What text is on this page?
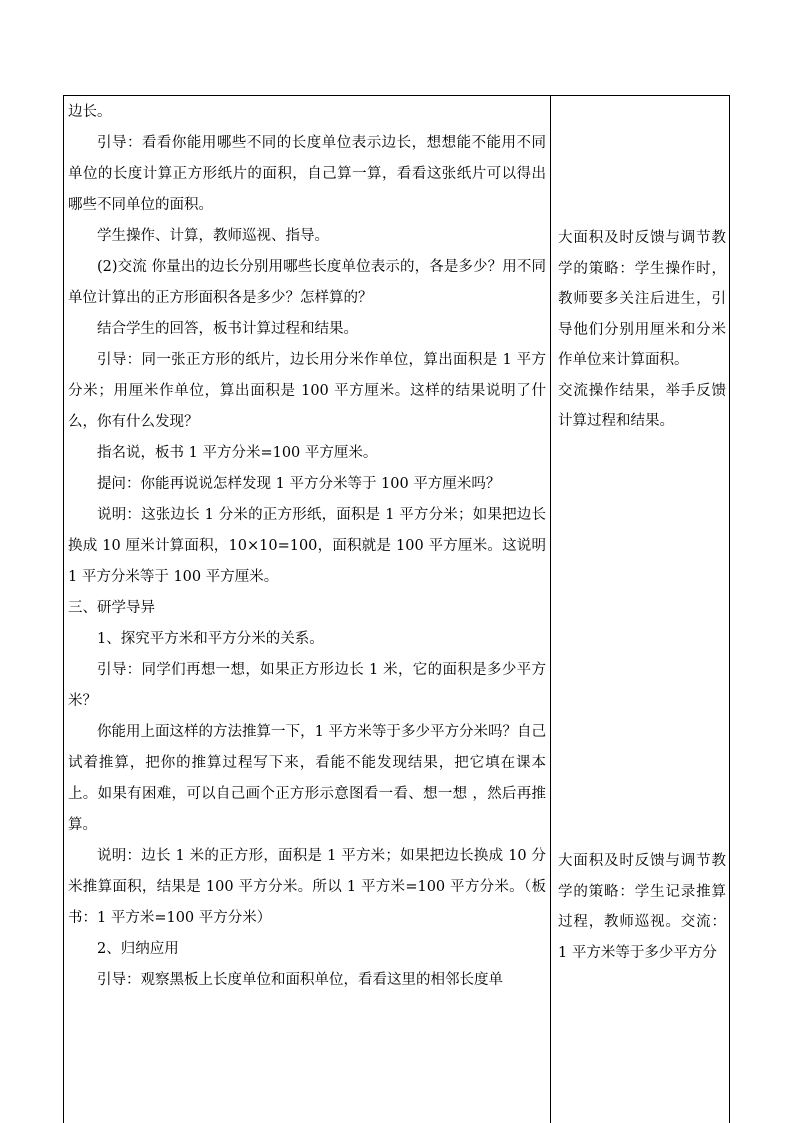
边长。

引导：看看你能用哪些不同的长度单位表示边长，想想能不能用不同单位的长度计算正方形纸片的面积，自己算一算，看看这张纸片可以得出哪些不同单位的面积。

学生操作、计算，教师巡视、指导。

(2)交流 你量出的边长分别用哪些长度单位表示的，各是多少？用不同单位计算出的正方形面积各是多少？怎样算的？

结合学生的回答，板书计算过程和结果。

引导：同一张正方形的纸片，边长用分米作单位，算出面积是 1 平方分米；用厘米作单位，算出面积是 100 平方厘米。这样的结果说明了什么，你有什么发现？

指名说，板书 1 平方分米=100 平方厘米。

提问：你能再说说怎样发现 1 平方分米等于 100 平方厘米吗？

说明：这张边长 1 分米的正方形纸，面积是 1 平方分米；如果把边长换成 10 厘米计算面积，10×10=100，面积就是 100 平方厘米。这说明 1 平方分米等于 100 平方厘米。

三、研学导异

1、探究平方米和平方分米的关系。

引导：同学们再想一想，如果正方形边长 1 米，它的面积是多少平方米？

你能用上面这样的方法推算一下，1 平方米等于多少平方分米吗？自己试着推算，把你的推算过程写下来，看能不能发现结果，把它填在课本上。如果有困难，可以自己画个正方形示意图看一看、想一想 ，然后再推算。

说明：边长 1 米的正方形，面积是 1 平方米；如果把边长换成 10 分米推算面积，结果是 100 平方分米。所以 1 平方米=100 平方分米。（板书：1 平方米=100 平方分米）

2、归纳应用

引导：观察黑板上长度单位和面积单位，看看这里的相邻长度单

大面积及时反馈与调节教学的策略：学生操作时，教师要多关注后进生，引导他们分别用厘米和分米作单位来计算面积。

交流操作结果，举手反馈计算过程和结果。

大面积及时反馈与调节教学的策略：学生记录推算过程，教师巡视。交流：1 平方米等于多少平方分
